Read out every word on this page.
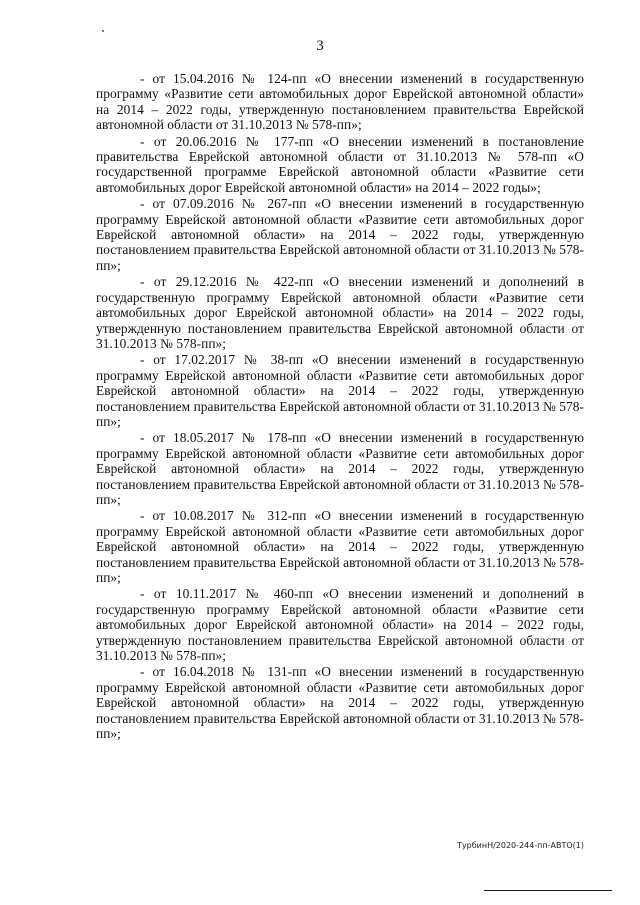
3

- от 15.04.2016 № 124-пп «О внесении изменений в государственную программу «Развитие сети автомобильных дорог Еврейской автономной области» на 2014 – 2022 годы, утвержденную постановлением правительства Еврейской автономной области от 31.10.2013 № 578-пп»;

- от 20.06.2016 № 177-пп «О внесении изменений в постановление правительства Еврейской автономной области от 31.10.2013 № 578-пп «О государственной программе Еврейской автономной области «Развитие сети автомобильных дорог Еврейской автономной области» на 2014 – 2022 годы»;

- от 07.09.2016 № 267-пп «О внесении изменений в государственную программу Еврейской автономной области «Развитие сети автомобильных дорог Еврейской автономной области» на 2014 – 2022 годы, утвержденную постановлением правительства Еврейской автономной области от 31.10.2013 № 578-пп»;

- от 29.12.2016 № 422-пп «О внесении изменений и дополнений в государственную программу Еврейской автономной области «Развитие сети автомобильных дорог Еврейской автономной области» на 2014 – 2022 годы, утвержденную постановлением правительства Еврейской автономной области от 31.10.2013 № 578-пп»;

- от 17.02.2017 № 38-пп «О внесении изменений в государственную программу Еврейской автономной области «Развитие сети автомобильных дорог Еврейской автономной области» на 2014 – 2022 годы, утвержденную постановлением правительства Еврейской автономной области от 31.10.2013 № 578-пп»;

- от 18.05.2017 № 178-пп «О внесении изменений в государственную программу Еврейской автономной области «Развитие сети автомобильных дорог Еврейской автономной области» на 2014 – 2022 годы, утвержденную постановлением правительства Еврейской автономной области от 31.10.2013 № 578-пп»;

- от 10.08.2017 № 312-пп «О внесении изменений в государственную программу Еврейской автономной области «Развитие сети автомобильных дорог Еврейской автономной области» на 2014 – 2022 годы, утвержденную постановлением правительства Еврейской автономной области от 31.10.2013 № 578-пп»;

- от 10.11.2017 № 460-пп «О внесении изменений и дополнений в государственную программу Еврейской автономной области «Развитие сети автомобильных дорог Еврейской автономной области» на 2014 – 2022 годы, утвержденную постановлением правительства Еврейской автономной области от 31.10.2013 № 578-пп»;

- от 16.04.2018 № 131-пп «О внесении изменений в государственную программу Еврейской автономной области «Развитие сети автомобильных дорог Еврейской автономной области» на 2014 – 2022 годы, утвержденную постановлением правительства Еврейской автономной области от 31.10.2013 № 578-пп»;

ТурбинН/2020-244-пп-АВТО(1)
